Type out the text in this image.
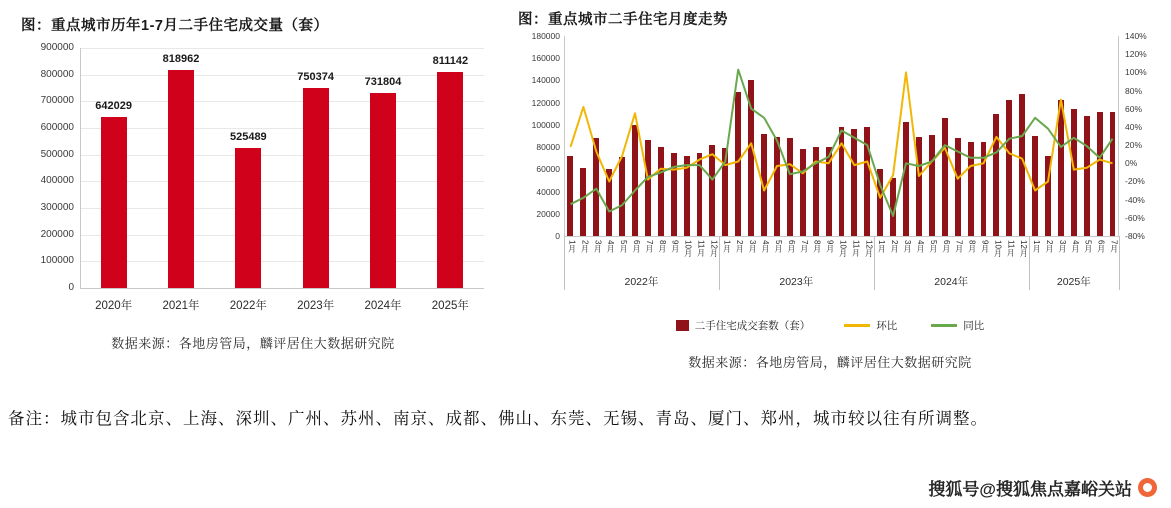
图：重点城市历年1-7月二手住宅成交量（套）
0
100000
200000
300000
400000
500000
600000
700000
800000
900000
642029
2020年
818962
2021年
525489
2022年
750374
2023年
731804
2024年
811142
2025年
数据来源：各地房管局，麟评居住大数据研究院
图：重点城市二手住宅月度走势
0
20000
40000
60000
80000
100000
120000
140000
160000
180000
-80%
-60%
-40%
-20%
0%
20%
40%
60%
80%
100%
120%
140%
1月 2月 3月 4月 5月 6月 7月 8月 9月 10月 11月 12月 1月 2月 3月 4月 5月 6月 7月 8月 9月 10月 11月 12月 1月 2月 3月 4月 5月 6月 7月 8月 9月 10月 11月 12月 1月 2月 3月 4月 5月 6月 7月
2022年	2023年	2024年	2025年
二手住宅成交套数（套）	环比	同比
数据来源：各地房管局，麟评居住大数据研究院
备注：城市包含北京、上海、深圳、广州、苏州、南京、成都、佛山、东莞、无锡、青岛、厦门、郑州，城市较以往有所调整。
搜狐号@搜狐焦点嘉峪关站
